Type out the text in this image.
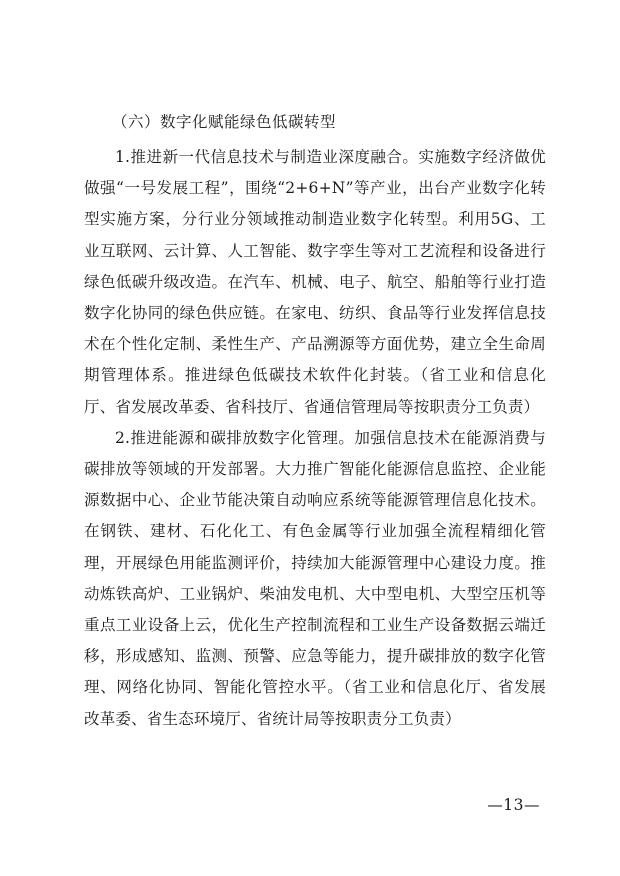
（六）数字化赋能绿色低碳转型

1.推进新一代信息技术与制造业深度融合。实施数字经济做优做强“一号发展工程”，围绕“2+6+N”等产业，出台产业数字化转型实施方案，分行业分领域推动制造业数字化转型。利用5G、工业互联网、云计算、人工智能、数字孪生等对工艺流程和设备进行绿色低碳升级改造。在汽车、机械、电子、航空、船舶等行业打造数字化协同的绿色供应链。在家电、纺织、食品等行业发挥信息技术在个性化定制、柔性生产、产品溯源等方面优势，建立全生命周期管理体系。推进绿色低碳技术软件化封装。（省工业和信息化厅、省发展改革委、省科技厅、省通信管理局等按职责分工负责）

2.推进能源和碳排放数字化管理。加强信息技术在能源消费与碳排放等领域的开发部署。大力推广智能化能源信息监控、企业能源数据中心、企业节能决策自动响应系统等能源管理信息化技术。在钢铁、建材、石化化工、有色金属等行业加强全流程精细化管理，开展绿色用能监测评价，持续加大能源管理中心建设力度。推动炼铁高炉、工业锅炉、柴油发电机、大中型电机、大型空压机等重点工业设备上云，优化生产控制流程和工业生产设备数据云端迁移，形成感知、监测、预警、应急等能力，提升碳排放的数字化管理、网络化协同、智能化管控水平。（省工业和信息化厅、省发展改革委、省生态环境厅、省统计局等按职责分工负责）

—13—
